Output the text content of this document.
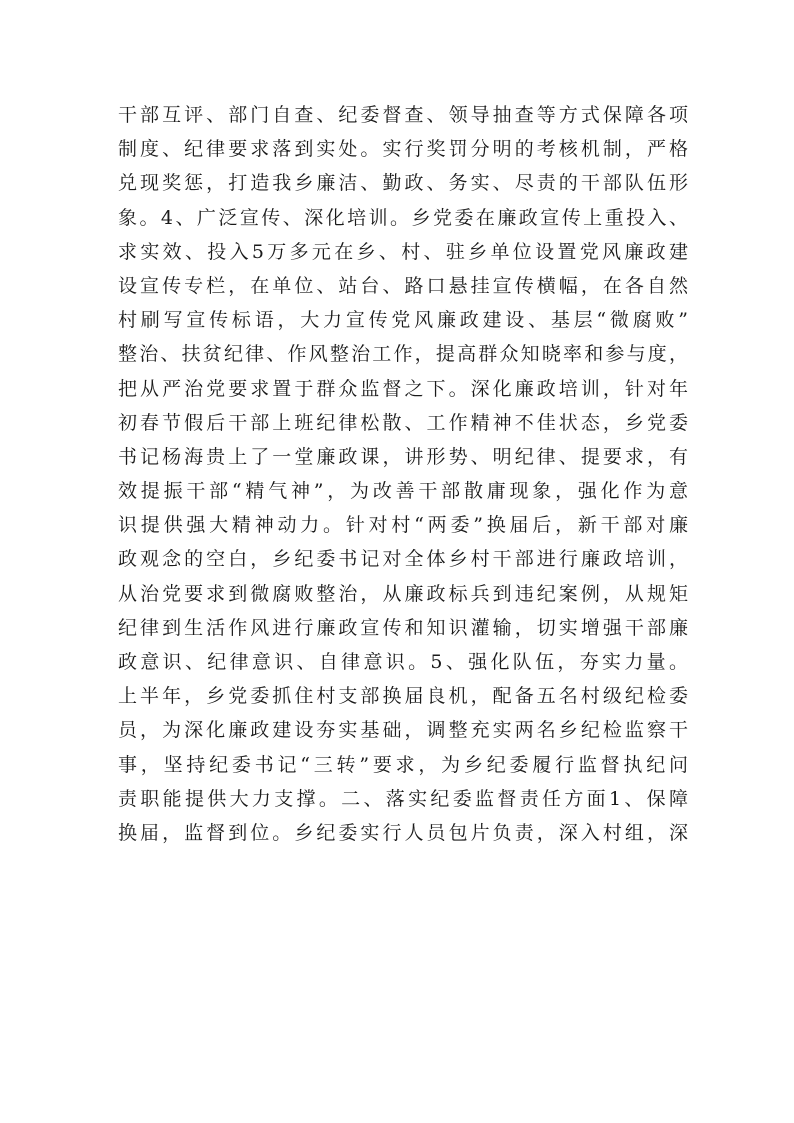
干部互评、部门自查、纪委督查、领导抽查等方式保障各项
制度、纪律要求落到实处。实行奖罚分明的考核机制，严格
兑现奖惩，打造我乡廉洁、勤政、务实、尽责的干部队伍形
象。4、广泛宣传、深化培训。乡党委在廉政宣传上重投入、
求实效、投入5万多元在乡、村、驻乡单位设置党风廉政建
设宣传专栏，在单位、站台、路口悬挂宣传横幅，在各自然
村刷写宣传标语，大力宣传党风廉政建设、基层“微腐败”
整治、扶贫纪律、作风整治工作，提高群众知晓率和参与度，
把从严治党要求置于群众监督之下。深化廉政培训，针对年
初春节假后干部上班纪律松散、工作精神不佳状态，乡党委
书记杨海贵上了一堂廉政课，讲形势、明纪律、提要求，有
效提振干部“精气神”，为改善干部散庸现象，强化作为意
识提供强大精神动力。针对村“两委”换届后，新干部对廉
政观念的空白，乡纪委书记对全体乡村干部进行廉政培训，
从治党要求到微腐败整治，从廉政标兵到违纪案例，从规矩
纪律到生活作风进行廉政宣传和知识灌输，切实增强干部廉
政意识、纪律意识、自律意识。5、强化队伍，夯实力量。
上半年，乡党委抓住村支部换届良机，配备五名村级纪检委
员，为深化廉政建设夯实基础，调整充实两名乡纪检监察干
事，坚持纪委书记“三转”要求，为乡纪委履行监督执纪问
责职能提供大力支撑。二、落实纪委监督责任方面1、保障
换届，监督到位。乡纪委实行人员包片负责，深入村组，深
